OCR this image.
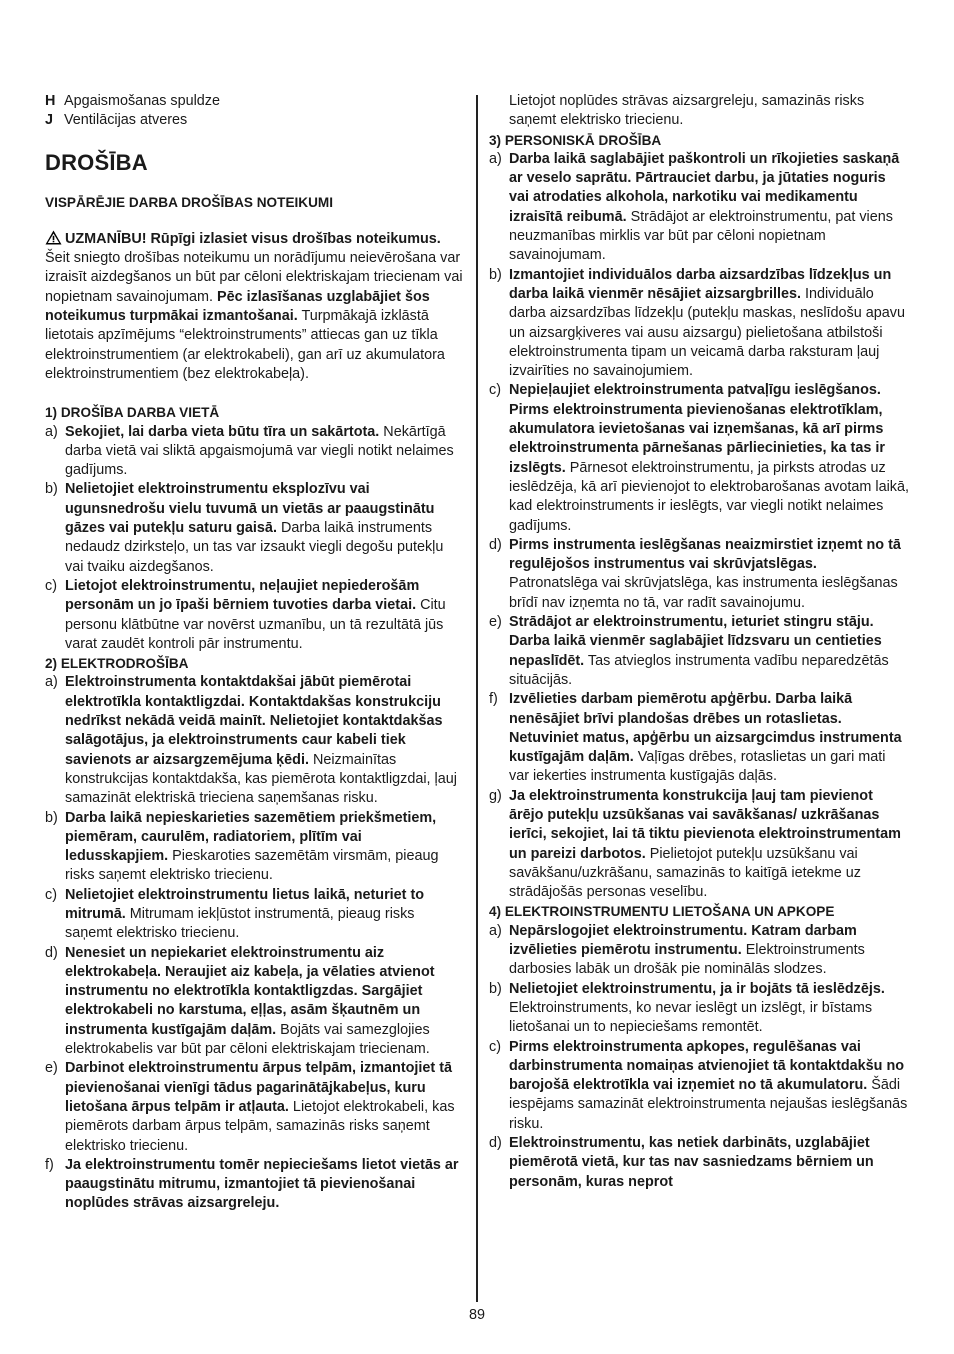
H Apgaismošanas spuldze
J Ventilācijas atveres
DROŠĪBA
VISPĀRĒJIE DARBA DROŠĪBAS NOTEIKUMI
UZMANĪBU! Rūpīgi izlasiet visus drošības noteikumus. Šeit sniegto drošības noteikumu un norādījumu neievērošana var izraisīt aizdegšanos un būt par cēloni elektriskajam triecienam vai nopietnam savainojumam. Pēc izlasīšanas uzglabājiet šos noteikumus turpmākai izmantošanai. Turpmākajā izklāstā lietotais apzīmējums “elektroinstruments” attiecas gan uz tīkla elektroinstrumentiem (ar elektrokabeli), gan arī uz akumulatora elektroinstrumentiem (bez elektrokabeļa).
1) DROŠĪBA DARBA VIETĀ
a) Sekojiet, lai darba vieta būtu tīra un sakārtota. Nekārtīgā darba vietā vai sliktā apgaismojumā var viegli notikt nelaimes gadījums.
b) Nelietojiet elektroinstrumentu eksplozīvu vai ugunsnedrošu vielu tuvumā un vietās ar paaugstinātu gāzes vai putekļu saturu gaisā. Darba laikā instruments nedaudz dzirksteļo, un tas var izsaukt viegli degošu putekļu vai tvaiku aizdegšanos.
c) Lietojot elektroinstrumentu, neļaujiet nepiederošām personām un jo īpaši bērniem tuvoties darba vietai. Citu personu klātbūtne var novērst uzmanību, un tā rezultātā jūs varat zaudēt kontroli pār instrumentu.
2) ELEKTRODROŠĪBA
a) Elektroinstrumenta kontaktdakšai jābūt piemērotai elektrotīkla kontaktligzdai. Kontaktdakšas konstrukciju nedrīkst nekādā veidā mainīt. Nelietojiet kontaktdakšas salāgotājus, ja elektroinstruments caur kabeli tiek savienots ar aizsargzemējuma ķēdi. Neizmainītas konstrukcijas kontaktdakša, kas piemērota kontaktligzdai, ļauj samazināt elektriskā trieciena saņemšanas risku.
b) Darba laikā nepieskarieties sazemētiem priekšmetiem, piemēram, caurulēm, radiatoriem, plītīm vai ledusskapjiem. Pieskaroties sazemētām virsmām, pieaug risks saņemt elektrisko triecienu.
c) Nelietojiet elektroinstrumentu lietus laikā, neturiet to mitrumā. Mitrumam iekļūstot instrumentā, pieaug risks saņemt elektrisko triecienu.
d) Nenesiet un nepiekariet elektroinstrumentu aiz elektrokabeļa. Neraujiet aiz kabeļa, ja vēlaties atvienot instrumentu no elektrotīkla kontaktligzdas. Sargājiet elektrokabeli no karstuma, eļļas, asām šķautnēm un instrumenta kustīgajām daļām. Bojāts vai samezglojies elektrokabelis var būt par cēloni elektriskajam triecienam.
e) Darbinot elektroinstrumentu ārpus telpām, izmantojiet tā pievienošanai vienīgi tādus pagarinātājkabeļus, kuru lietošana ārpus telpām ir atļauta. Lietojot elektrokabeli, kas piemērots darbam ārpus telpām, samazinās risks saņemt elektrisko triecienu.
f) Ja elektroinstrumentu tomēr nepieciešams lietot vietās ar paaugstinātu mitrumu, izmantojiet tā pievienošanai noplūdes strāvas aizsargreleju.
Lietojot noplūdes strāvas aizsargreleju, samazinās risks saņemt elektrisko triecienu.
3) PERSONISKĀ DROŠĪBA
a) Darba laikā saglabājiet paškontroli un rīkojieties saskaņā ar veselo saprātu. Pārtrauciet darbu, ja jūtaties noguris vai atrodaties alkohola, narkotiku vai medikamentu izraisītā reibumā. Strādājot ar elektroinstrumentu, pat viens neuzmanības mirklis var būt par cēloni nopietnam savainojumam.
b) Izmantojiet individuālos darba aizsardzības līdzekļus un darba laikā vienmēr nēsājiet aizsargbrilles. Individuālo darba aizsardzības līdzekļu (putekļu maskas, neslīdošu apavu un aizsargķiveres vai ausu aizsargu) pielietošana atbilstoši elektroinstrumenta tipam un veicamā darba raksturam ļauj izvairīties no savainojumiem.
c) Nepieļaujiet elektroinstrumenta patvaļīgu ieslēgšanos. Pirms elektroinstrumenta pievienošanas elektrotīklam, akumulatora ievietošanas vai izņemšanas, kā arī pirms elektroinstrumenta pārnešanas pārliecinieties, ka tas ir izslēgts. Pārnesot elektroinstrumentu, ja pirksts atrodas uz ieslēdzēja, kā arī pievienojot to elektrobarošanas avotam laikā, kad elektroinstruments ir ieslēgts, var viegli notikt nelaimes gadījums.
d) Pirms instrumenta ieslēgšanas neaizmirstiet izņemt no tā regulējošos instrumentus vai skrūvjatslēgas. Patronatslēga vai skrūvjatslēga, kas instrumenta ieslēgšanas brīdī nav izņemta no tā, var radīt savainojumu.
e) Strādājot ar elektroinstrumentu, ieturiet stingru stāju. Darba laikā vienmēr saglabājiet līdzsvaru un centieties nepaslīdēt. Tas atvieglos instrumenta vadību neparedzētās situācijās.
f) Izvēlieties darbam piemērotu apģērbu. Darba laikā nenēsājiet brīvi plandošas drēbes un rotaslietas. Netuviniet matus, apģērbu un aizsargcimdus instrumenta kustīgajām daļām. Vaļīgas drēbes, rotaslietas un gari mati var iekerties instrumenta kustīgajās daļās.
g) Ja elektroinstrumenta konstrukcija ļauj tam pievienot ārējo putekļu uzsūkšanas vai savākšanas/ uzkrāšanas ierīci, sekojiet, lai tā tiktu pievienota elektroinstrumentam un pareizi darbotos. Pielietojot putekļu uzsūkšanu vai savākšanu/uzkrāšanu, samazinās to kaitīgā ietekme uz strādājošās personas veselību.
4) ELEKTROINSTRUMENTU LIETOŠANA UN APKOPE
a) Nepārslogojiet elektroinstrumentu. Katram darbam izvēlieties piemērotu instrumentu. Elektroinstruments darbosies labāk un drošāk pie nominālās slodzes.
b) Nelietojiet elektroinstrumentu, ja ir bojāts tā ieslēdzējs. Elektroinstruments, ko nevar ieslēgt un izslēgt, ir bīstams lietošanai un to nepieciešams remontēt.
c) Pirms elektroinstrumenta apkopes, regulēšanas vai darbinstrumenta nomaiņas atvienojiet tā kontaktdakšu no barojošā elektrotīkla vai izņemiet no tā akumulatoru. Šādi iespējams samazināt elektroinstrumenta nejaušas ieslēgšanās risku.
d) Elektroinstrumentu, kas netiek darbināts, uzglabājiet piemērotā vietā, kur tas nav sasniedzams bērniem un personām, kuras neprot
89
